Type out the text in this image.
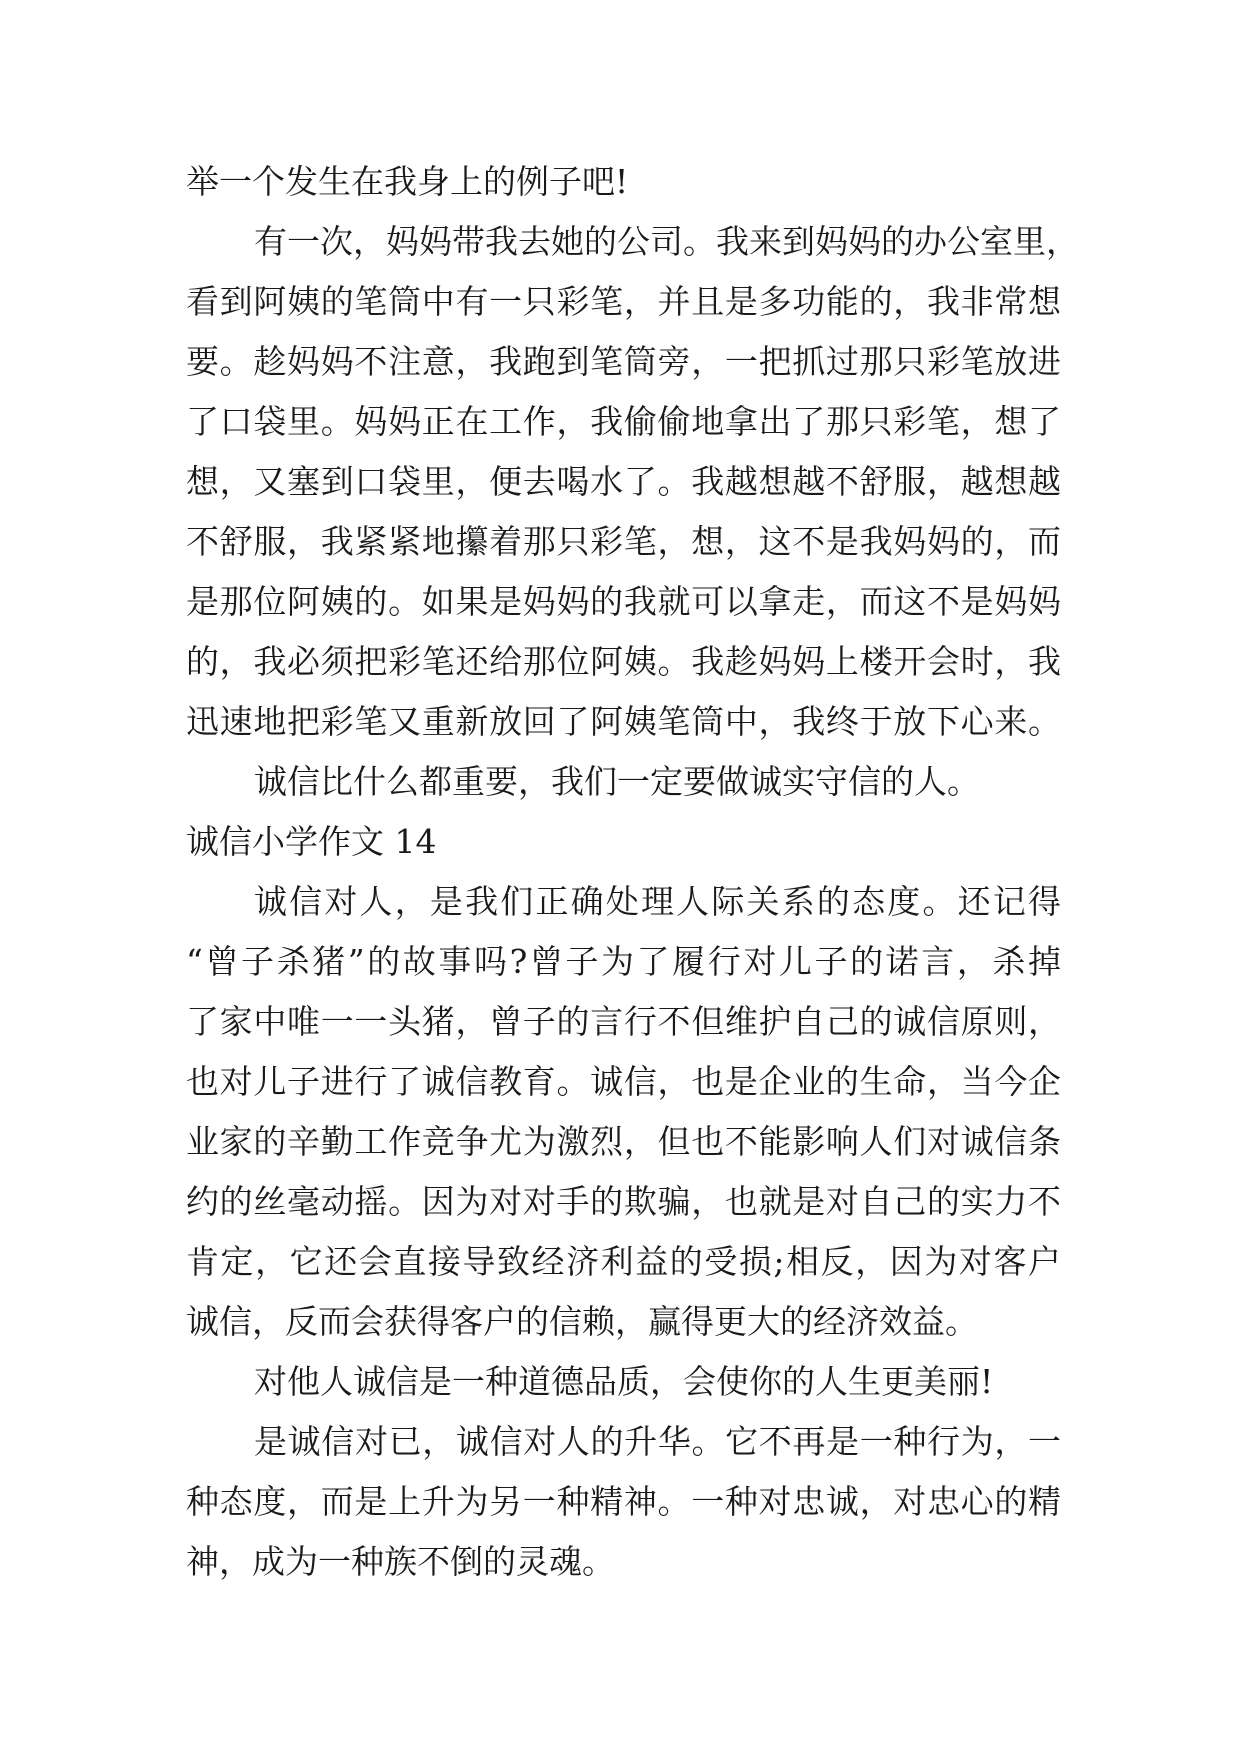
举一个发生在我身上的例子吧!
有一次，妈妈带我去她的公司。我来到妈妈的办公室里，
看到阿姨的笔筒中有一只彩笔，并且是多功能的，我非常想
要。趁妈妈不注意，我跑到笔筒旁，一把抓过那只彩笔放进
了口袋里。妈妈正在工作，我偷偷地拿出了那只彩笔，想了
想，又塞到口袋里，便去喝水了。我越想越不舒服，越想越
不舒服，我紧紧地攥着那只彩笔，想，这不是我妈妈的，而
是那位阿姨的。如果是妈妈的我就可以拿走，而这不是妈妈
的，我必须把彩笔还给那位阿姨。我趁妈妈上楼开会时，我
迅速地把彩笔又重新放回了阿姨笔筒中，我终于放下心来。
诚信比什么都重要，我们一定要做诚实守信的人。
诚信小学作文 14
诚信对人，是我们正确处理人际关系的态度。还记得
“曾子杀猪”的故事吗?曾子为了履行对儿子的诺言，杀掉
了家中唯一一头猪，曾子的言行不但维护自己的诚信原则，
也对儿子进行了诚信教育。诚信，也是企业的生命，当今企
业家的辛勤工作竞争尤为激烈，但也不能影响人们对诚信条
约的丝毫动摇。因为对对手的欺骗，也就是对自己的实力不
肯定，它还会直接导致经济利益的受损;相反，因为对客户
诚信，反而会获得客户的信赖，赢得更大的经济效益。
对他人诚信是一种道德品质，会使你的人生更美丽!
是诚信对已，诚信对人的升华。它不再是一种行为，一
种态度，而是上升为另一种精神。一种对忠诚，对忠心的精
神，成为一种族不倒的灵魂。
